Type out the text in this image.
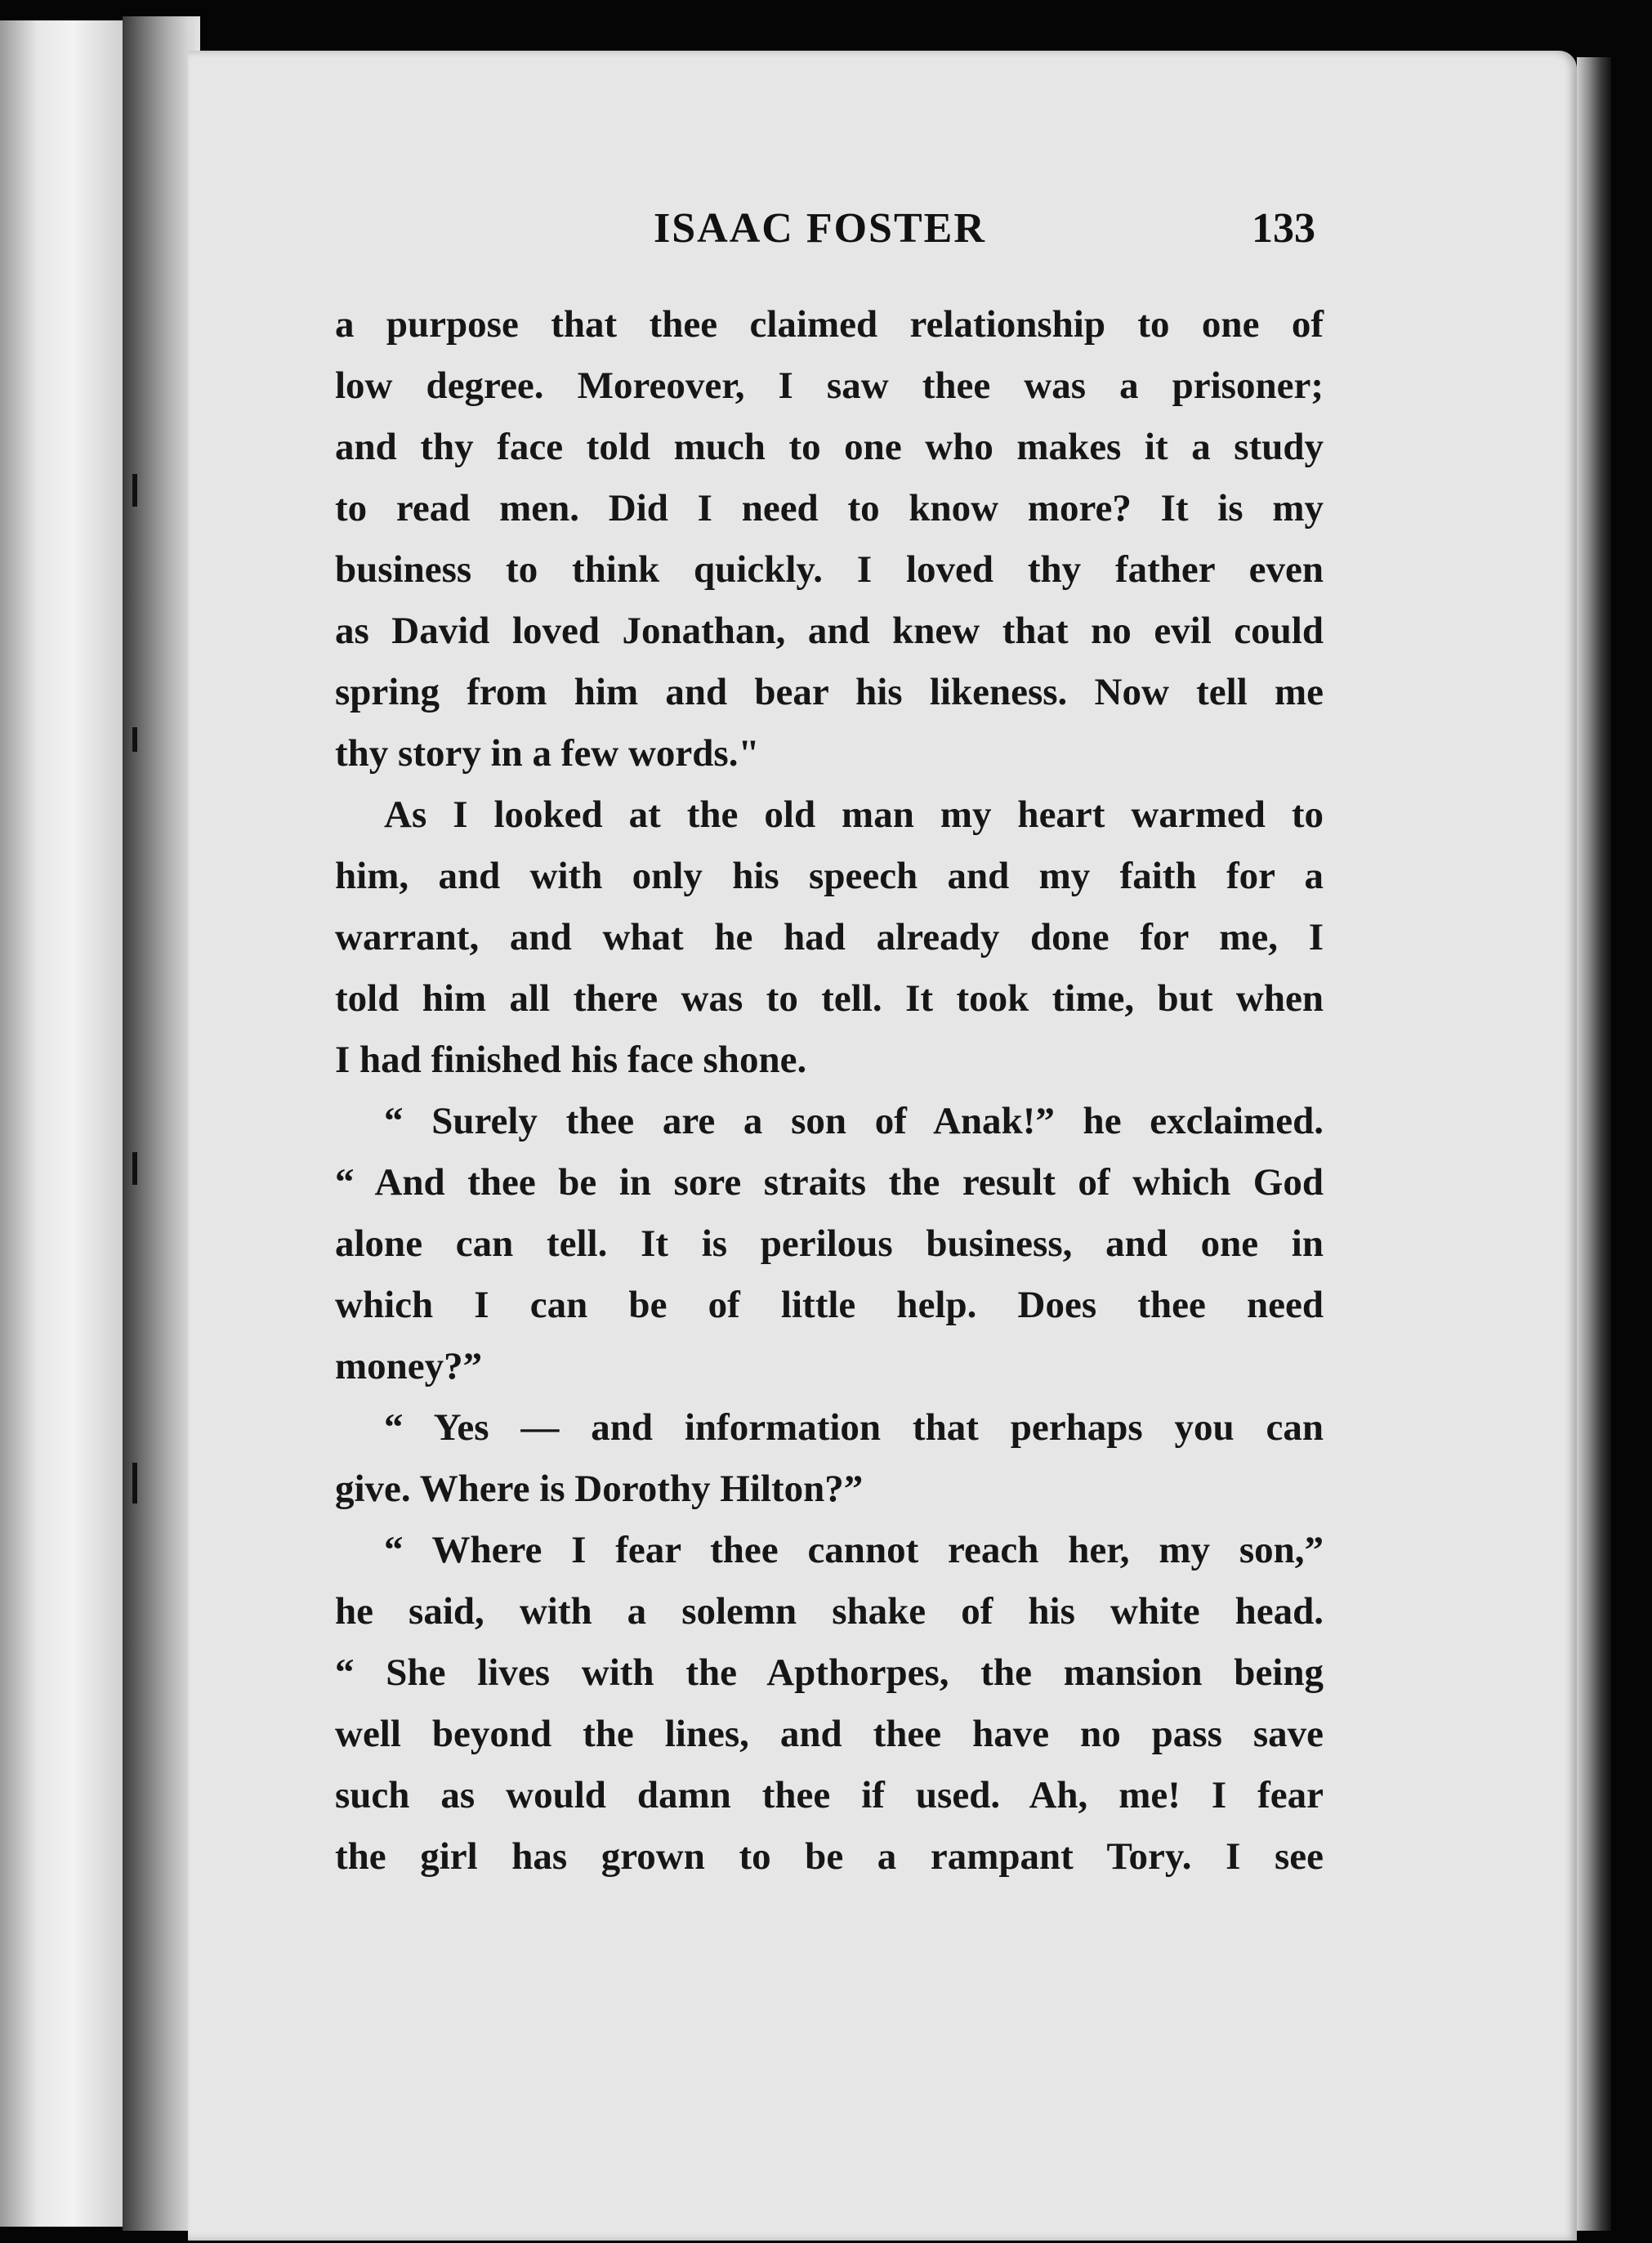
ISAAC FOSTER	133
a purpose that thee claimed relationship to one of
low degree. Moreover, I saw thee was a prisoner;
and thy face told much to one who makes it a study
to read men. Did I need to know more? It is my
business to think quickly. I loved thy father even
as David loved Jonathan, and knew that no evil could
spring from him and bear his likeness. Now tell me
thy story in a few words."
As I looked at the old man my heart warmed to
him, and with only his speech and my faith for a
warrant, and what he had already done for me, I
told him all there was to tell. It took time, but when
I had finished his face shone.
“ Surely thee are a son of Anak!” he exclaimed.
“ And thee be in sore straits the result of which God
alone can tell. It is perilous business, and one in
which I can be of little help. Does thee need
money?”
“ Yes — and information that perhaps you can
give. Where is Dorothy Hilton?”
“ Where I fear thee cannot reach her, my son,”
he said, with a solemn shake of his white head.
“ She lives with the Apthorpes, the mansion being
well beyond the lines, and thee have no pass save
such as would damn thee if used. Ah, me! I fear
the girl has grown to be a rampant Tory. I see
